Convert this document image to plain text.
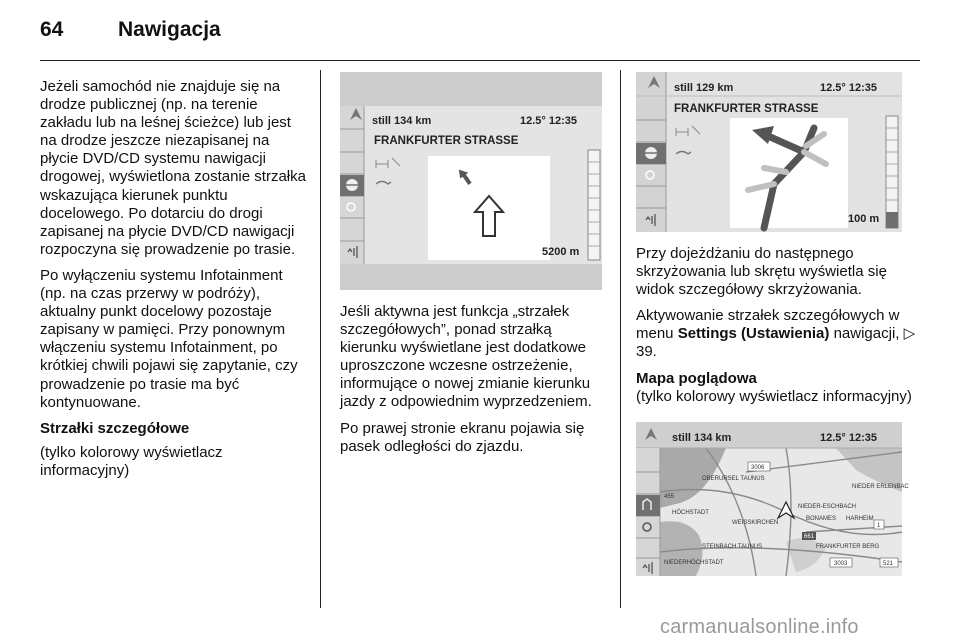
64	Nawigacja

Jeżeli samochód nie znajduje się na drodze publicznej (np. na terenie zakładu lub na leśnej ścieżce) lub jest na drodze jeszcze niezapisanej na płycie DVD/CD systemu nawigacji drogowej, wyświetlona zostanie strzałka wskazująca kierunek punktu docelowego. Po dotarciu do drogi zapisanej na płycie DVD/CD nawigacji rozpoczyna się prowadzenie po trasie.

Po wyłączeniu systemu Infotainment (np. na czas przerwy w podróży), aktualny punkt docelowy pozostaje zapisany w pamięci. Przy ponownym włączeniu systemu Infotainment, po krótkiej chwili pojawi się zapytanie, czy prowadzenie po trasie ma być kontynuowane.

Strzałki szczegółowe

(tylko kolorowy wyświetlacz informacyjny)

still 134 km	12.5° 12:35
FRANKFURTER STRASSE
5200 m

Jeśli aktywna jest funkcja „strzałek szczegółowych”, ponad strzałką kierunku wyświetlane jest dodatkowe uproszczone wczesne ostrzeżenie, informujące o nowej zmianie kierunku jazdy z odpowiednim wyprzedzeniem.

Po prawej stronie ekranu pojawia się pasek odległości do zjazdu.

still 129 km	12.5° 12:35
FRANKFURTER STRASSE
100 m

Przy dojeżdżaniu do następnego skrzyżowania lub skrętu wyświetla się widok szczegółowy skrzyżowania.

Aktywowanie strzałek szczegółowych w menu Settings (Ustawienia) nawigacji, ▷ 39.

Mapa poglądowa

(tylko kolorowy wyświetlacz informacyjny)

still 134 km	12.5° 12:35
3006
OBERURSEL TAUNUS
NIEDER ERLENBAC
455
HÖCHSTADT
NIEDER-ESCHBACH
BONAMES HARHEIM
WEISSKIRCHEN
661
FRANKFURTER BERG
STEINBACH TAUNUS
NIEDERHÖCHSTADT	3003	521
1
carmanualsonline.info
